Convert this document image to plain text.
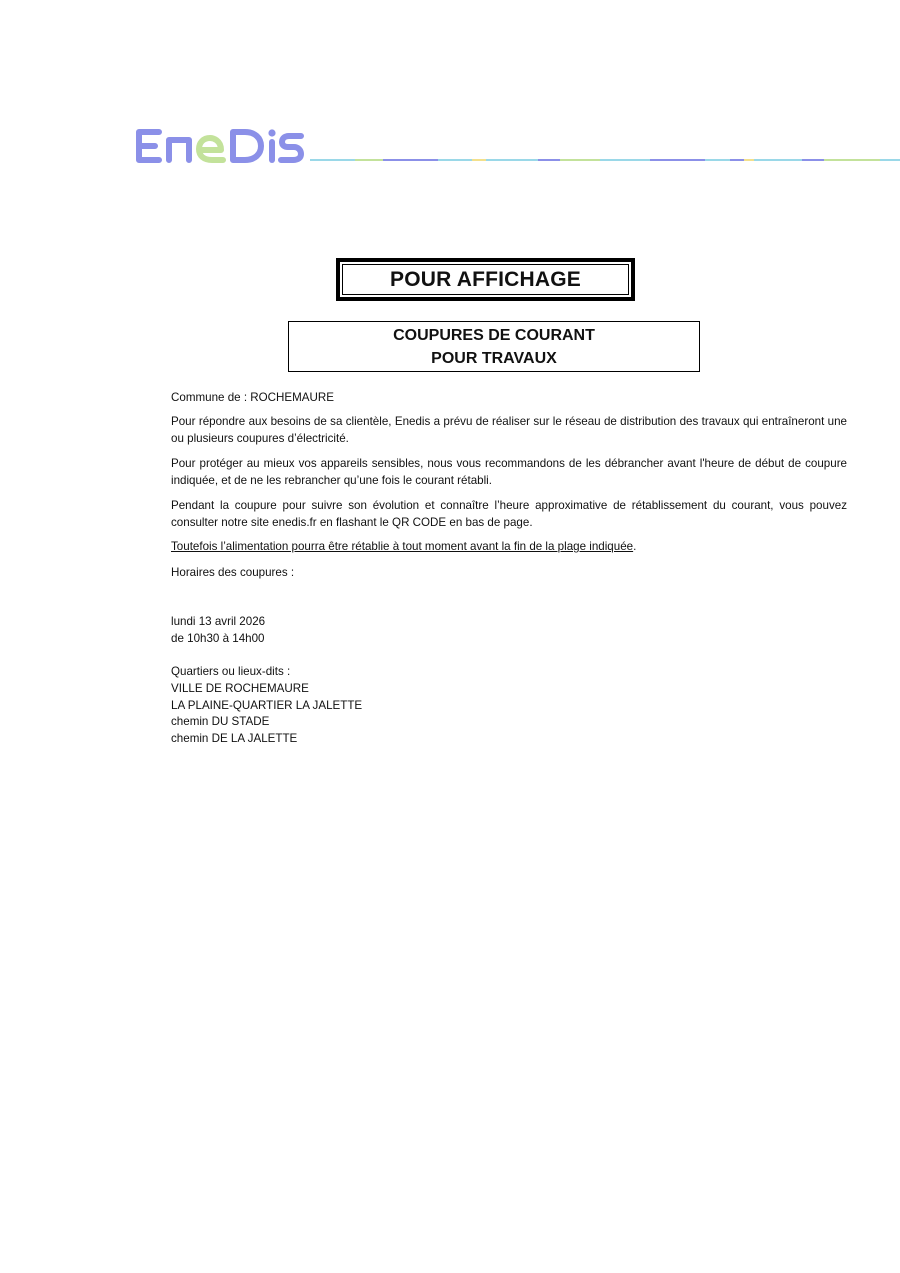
POUR AFFICHAGE
COUPURES DE COURANT
POUR TRAVAUX
Commune de : ROCHEMAURE

Pour répondre aux besoins de sa clientèle, Enedis a prévu de réaliser sur le réseau de distribution des travaux qui entraîneront une ou plusieurs coupures d’électricité.

Pour protéger au mieux vos appareils sensibles, nous vous recommandons de les débrancher avant l'heure de début de coupure indiquée, et de ne les rebrancher qu’une fois le courant rétabli.

Pendant la coupure pour suivre son évolution et connaître l’heure approximative de rétablissement du courant, vous pouvez consulter notre site enedis.fr en flashant le QR CODE en bas de page.

Toutefois l’alimentation pourra être rétablie à tout moment avant la fin de la plage indiquée.
Horaires des coupures :
lundi 13 avril 2026
de 10h30 à 14h00
Quartiers ou lieux-dits :
VILLE DE ROCHEMAURE
LA PLAINE-QUARTIER LA JALETTE
chemin DU STADE
chemin DE LA JALETTE
